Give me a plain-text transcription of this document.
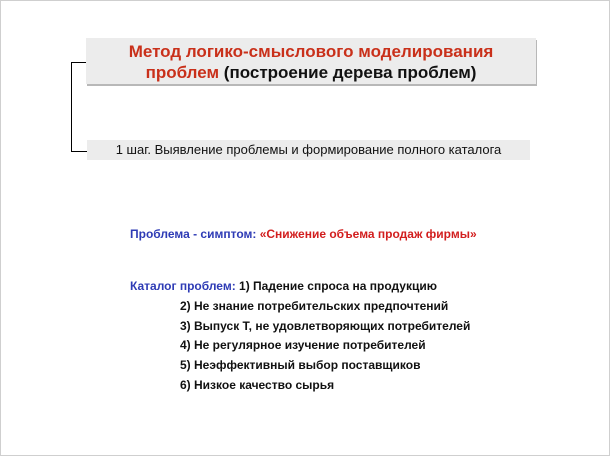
Метод логико-смыслового моделирования
проблем (построение дерева проблем)
1 шаг. Выявление проблемы и формирование полного каталога
Проблема - симптом: «Снижение объема продаж фирмы»
Каталог проблем: 1) Падение спроса на продукцию
2) Не знание потребительских предпочтений
3) Выпуск Т, не удовлетворяющих потребителей
4) Не регулярное изучение потребителей
5) Неэффективный выбор поставщиков
6) Низкое качество сырья
